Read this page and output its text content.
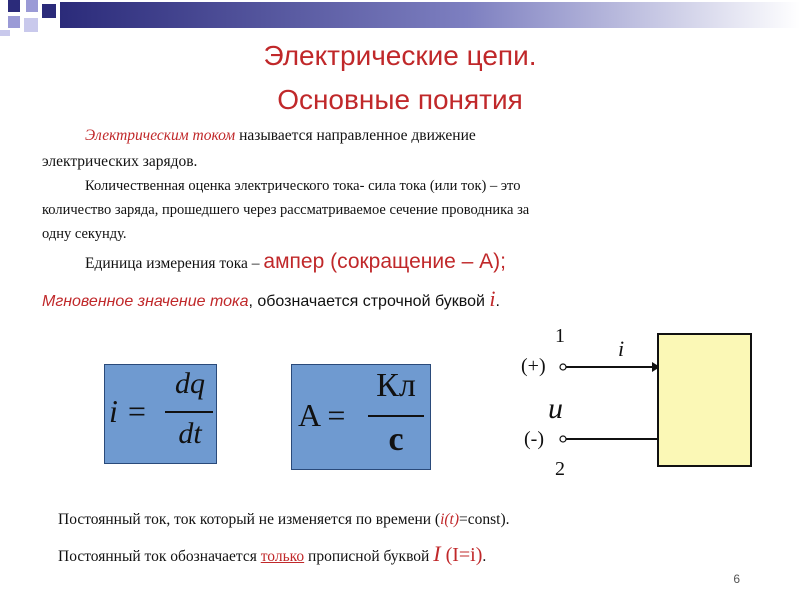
Электрические цепи.
Основные понятия
Электрическим током называется направленное движение
электрических зарядов.
Количественная оценка электрического тока- сила тока (или ток) – это
количество заряда, прошедшего через рассматриваемое сечение проводника за
одну секунду.
Единица измерения тока – ампер (сокращение – А);
Мгновенное значение тока, обозначается строчной буквой i.
i =
dq
dt
A =
Кл
с
1
(+)
i
u
(-)
2
Постоянный ток, ток который не изменяется по времени (i(t)=const).
Постоянный ток обозначается только прописной буквой I (I=i).
6
